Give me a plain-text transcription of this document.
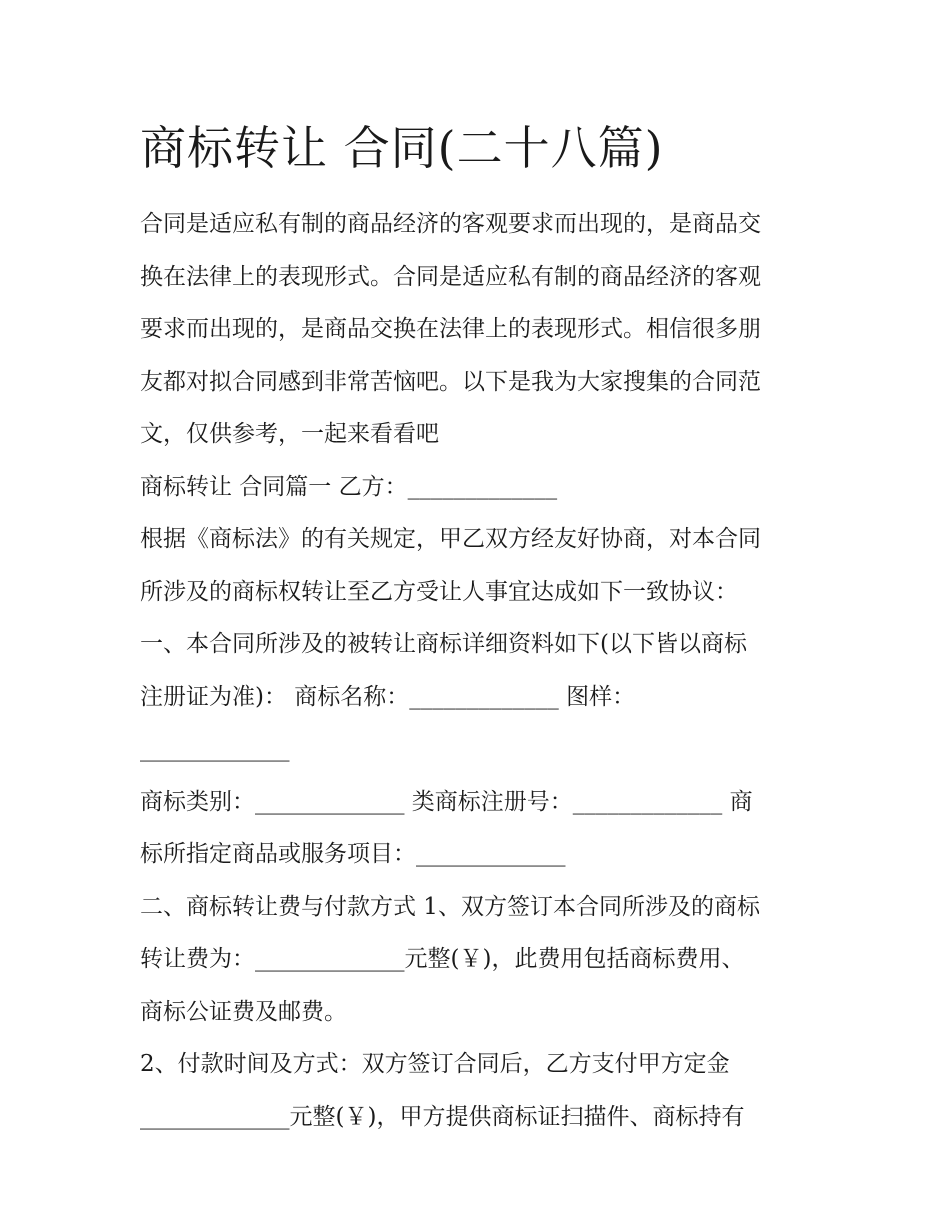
商标转让 合同(二十八篇)

合同是适应私有制的商品经济的客观要求而出现的，是商品交

换在法律上的表现形式。合同是适应私有制的商品经济的客观

要求而出现的，是商品交换在法律上的表现形式。相信很多朋

友都对拟合同感到非常苦恼吧。以下是我为大家搜集的合同范

文，仅供参考，一起来看看吧

商标转让 合同篇一 乙方：_____________

根据《商标法》的有关规定，甲乙双方经友好协商，对本合同

所涉及的商标权转让至乙方受让人事宜达成如下一致协议：

一、本合同所涉及的被转让商标详细资料如下(以下皆以商标

注册证为准)： 商标名称：_____________ 图样：

_____________

商标类别：_____________ 类商标注册号：_____________ 商

标所指定商品或服务项目：_____________

二、商标转让费与付款方式 1、双方签订本合同所涉及的商标

转让费为：_____________元整(￥)，此费用包括商标费用、

商标公证费及邮费。

2、付款时间及方式：双方签订合同后，乙方支付甲方定金

_____________元整(￥)，甲方提供商标证扫描件、商标持有
